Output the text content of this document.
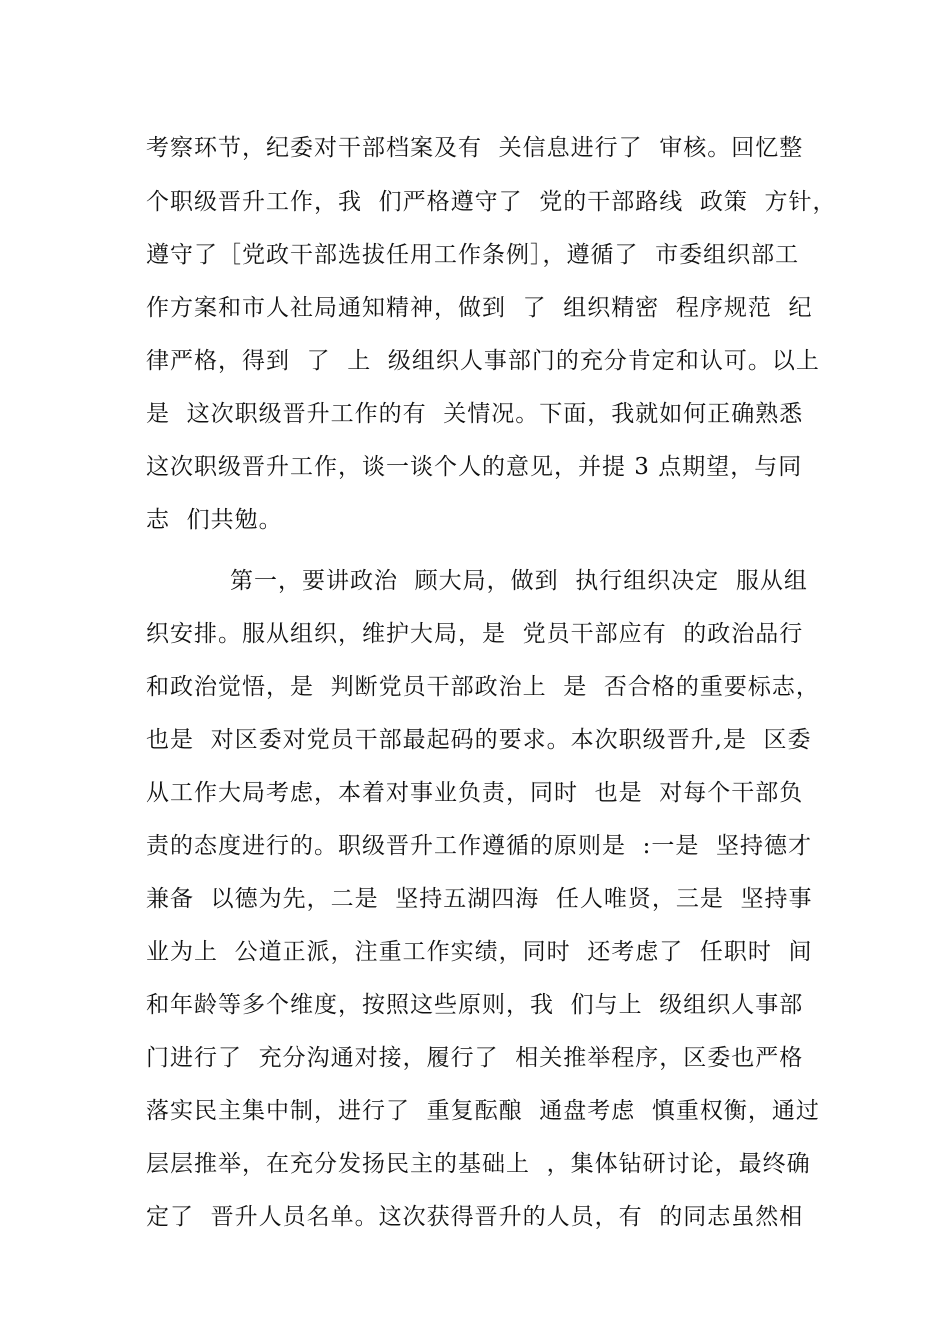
考察环节，纪委对干部档案及有  关信息进行了  审核。回忆整
个职级晋升工作，我  们严格遵守了  党的干部路线  政策  方针，
遵守了［党政干部选拔任用工作条例］，遵循了  市委组织部工
作方案和市人社局通知精神，做到  了  组织精密  程序规范  纪
律严格，得到  了  上  级组织人事部门的充分肯定和认可。以上
是  这次职级晋升工作的有  关情况。下面，我就如何正确熟悉
这次职级晋升工作，谈一谈个人的意见，并提 3 点期望，与同
志  们共勉。
第一，要讲政治  顾大局，做到  执行组织决定  服从组
织安排。服从组织，维护大局，是  党员干部应有  的政治品行
和政治觉悟，是  判断党员干部政治上  是  否合格的重要标志，
也是  对区委对党员干部最起码的要求。本次职级晋升,是  区委
从工作大局考虑，本着对事业负责，同时  也是  对每个干部负
责的态度进行的。职级晋升工作遵循的原则是  :一是  坚持德才
兼备  以德为先，二是  坚持五湖四海  任人唯贤，三是  坚持事
业为上  公道正派，注重工作实绩，同时  还考虑了  任职时  间
和年龄等多个维度，按照这些原则，我  们与上  级组织人事部
门进行了  充分沟通对接，履行了  相关推举程序，区委也严格
落实民主集中制，进行了  重复酝酿  通盘考虑  慎重权衡，通过
层层推举，在充分发扬民主的基础上  ，集体钻研讨论，最终确
定了  晋升人员名单。这次获得晋升的人员，有  的同志虽然相
